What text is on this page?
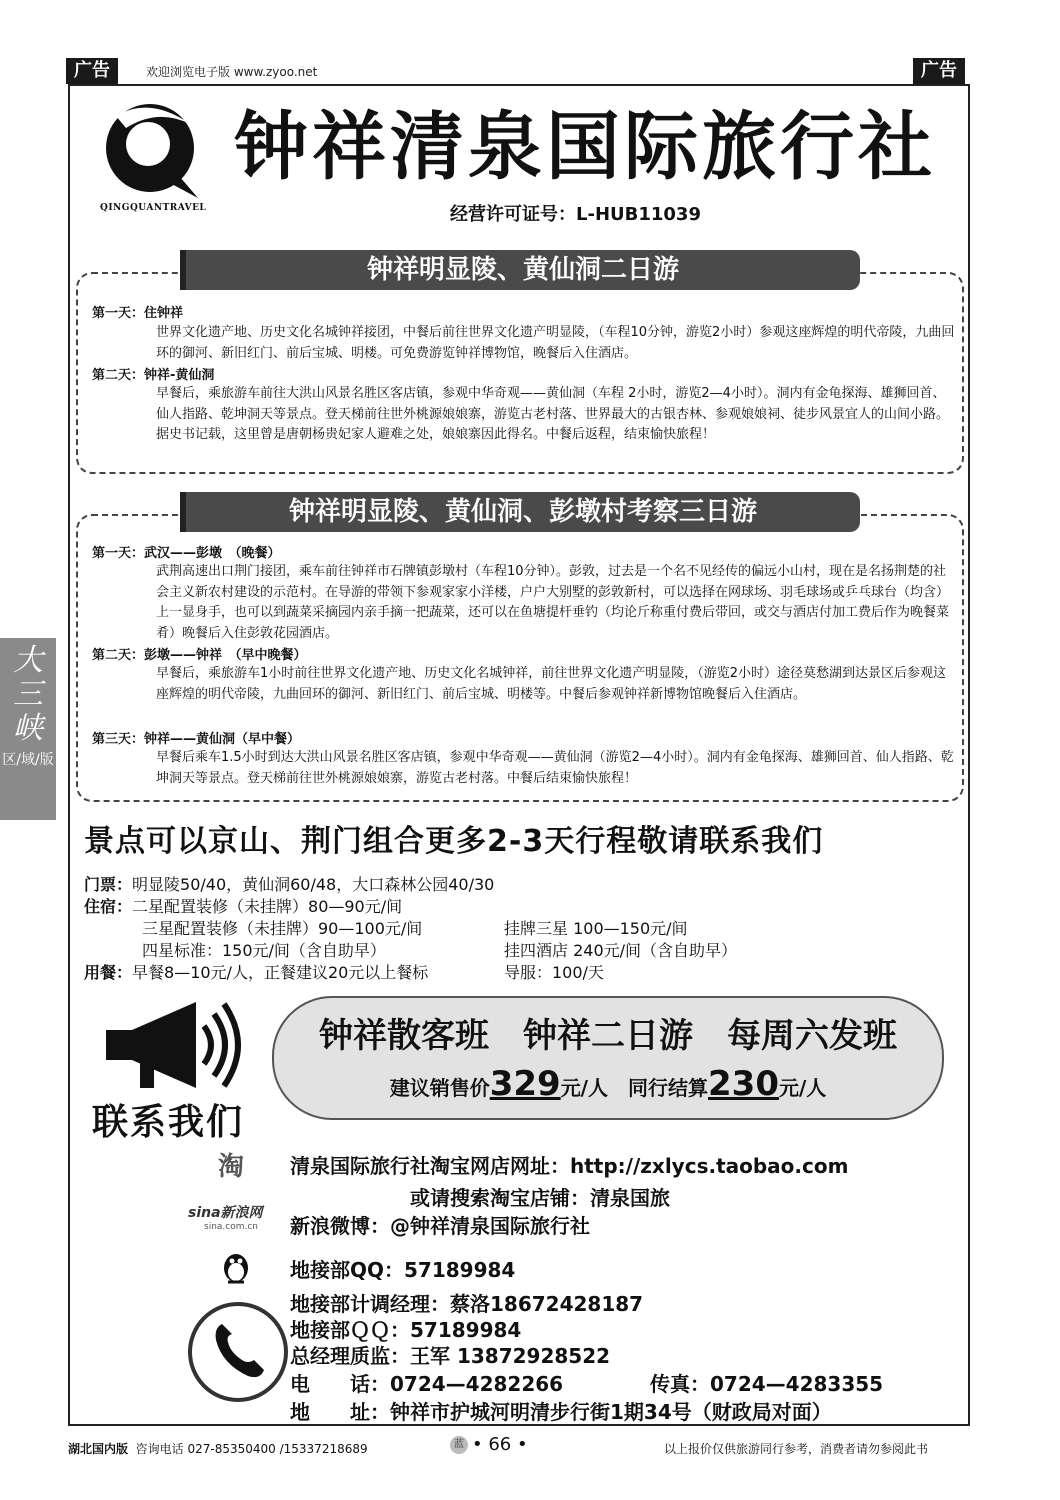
广告	欢迎浏览电子版 www.zyoo.net	广告
QINGQUANTRAVEL
钟祥清泉国际旅行社
经营许可证号：L-HUB11039
第一天：住钟祥
世界文化遗产地、历史文化名城钟祥接团，中餐后前往世界文化遗产明显陵，（车程10分钟，游览2小时）参观这座辉煌的明代帝陵，九曲回环的御河、新旧红门、前后宝城、明楼。可免费游览钟祥博物馆，晚餐后入住酒店。
第二天：钟祥-黄仙洞
早餐后，乘旅游车前往大洪山风景名胜区客店镇，参观中华奇观——黄仙洞（车程 2小时，游览2—4小时）。洞内有金龟探海、雄狮回首、仙人指路、乾坤洞天等景点。登天梯前往世外桃源娘娘寨，游览古老村落、世界最大的古银杏林、参观娘娘祠、徒步风景宜人的山间小路。据史书记载，这里曾是唐朝杨贵妃家人避难之处，娘娘寨因此得名。中餐后返程，结束愉快旅程！
钟祥明显陵、黄仙洞二日游
第一天：武汉——彭墩　（晚餐）
武荆高速出口荆门接团，乘车前往钟祥市石牌镇彭墩村（车程10分钟）。彭敦，过去是一个名不见经传的偏远小山村，现在是名扬荆楚的社会主义新农村建设的示范村。在导游的带领下参观家家小洋楼，户户大别墅的彭敦新村，可以选择在网球场、羽毛球场或乒乓球台（均含）上一显身手，也可以到蔬菜采摘园内亲手摘一把蔬菜，还可以在鱼塘提杆垂钓（均论斤称重付费后带回，或交与酒店付加工费后作为晚餐菜肴）晚餐后入住彭敦花园酒店。
第二天：彭墩——钟祥　（早中晚餐）
早餐后，乘旅游车1小时前往世界文化遗产地、历史文化名城钟祥，前往世界文化遗产明显陵，（游览2小时）途径莫愁湖到达景区后参观这座辉煌的明代帝陵，九曲回环的御河、新旧红门、前后宝城、明楼等。中餐后参观钟祥新博物馆晚餐后入住酒店。
第三天：钟祥——黄仙洞（早中餐）
早餐后乘车1.5小时到达大洪山风景名胜区客店镇，参观中华奇观——黄仙洞（游览2—4小时）。洞内有金龟探海、雄狮回首、仙人指路、乾坤洞天等景点。登天梯前往世外桃源娘娘寨，游览古老村落。中餐后结束愉快旅程！
钟祥明显陵、黄仙洞、彭墩村考察三日游
景点可以京山、荆门组合更多2-3天行程敬请联系我们
门票：明显陵50/40，黄仙洞60/48，大口森林公园40/30
住宿：二星配置装修（未挂牌）80—90元/间
三星配置装修（未挂牌）90—100元/间	挂牌三星 100—150元/间
四星标准：150元/间（含自助早）	挂四酒店 240元/间（含自助早）
用餐：早餐8—10元/人，正餐建议20元以上餐标	导服：100/天
联系我们
钟祥散客班　钟祥二日游　每周六发班
建议销售价329元/人　同行结算230元/人
淘	清泉国际旅行社淘宝网店网址：http://zxlycs.taobao.com
或请搜索淘宝店铺：清泉国旅
sina新浪网
sina.com.cn	新浪微博：@钟祥清泉国际旅行社
地接部QQ：57189984
地接部计调经理：蔡洛18672428187
地接部ＱＱ：57189984
总经理质监：王军 13872928522
电　　话：0724—4282266	传真：0724—4283355
地　　址：钟祥市护城河明清步行街1期34号（财政局对面）
大三峡
区/域/版
湖北国内版 咨询电话 027-85350400 /15337218689	蓝 • 66 •	以上报价仅供旅游同行参考，消费者请勿参阅此书
